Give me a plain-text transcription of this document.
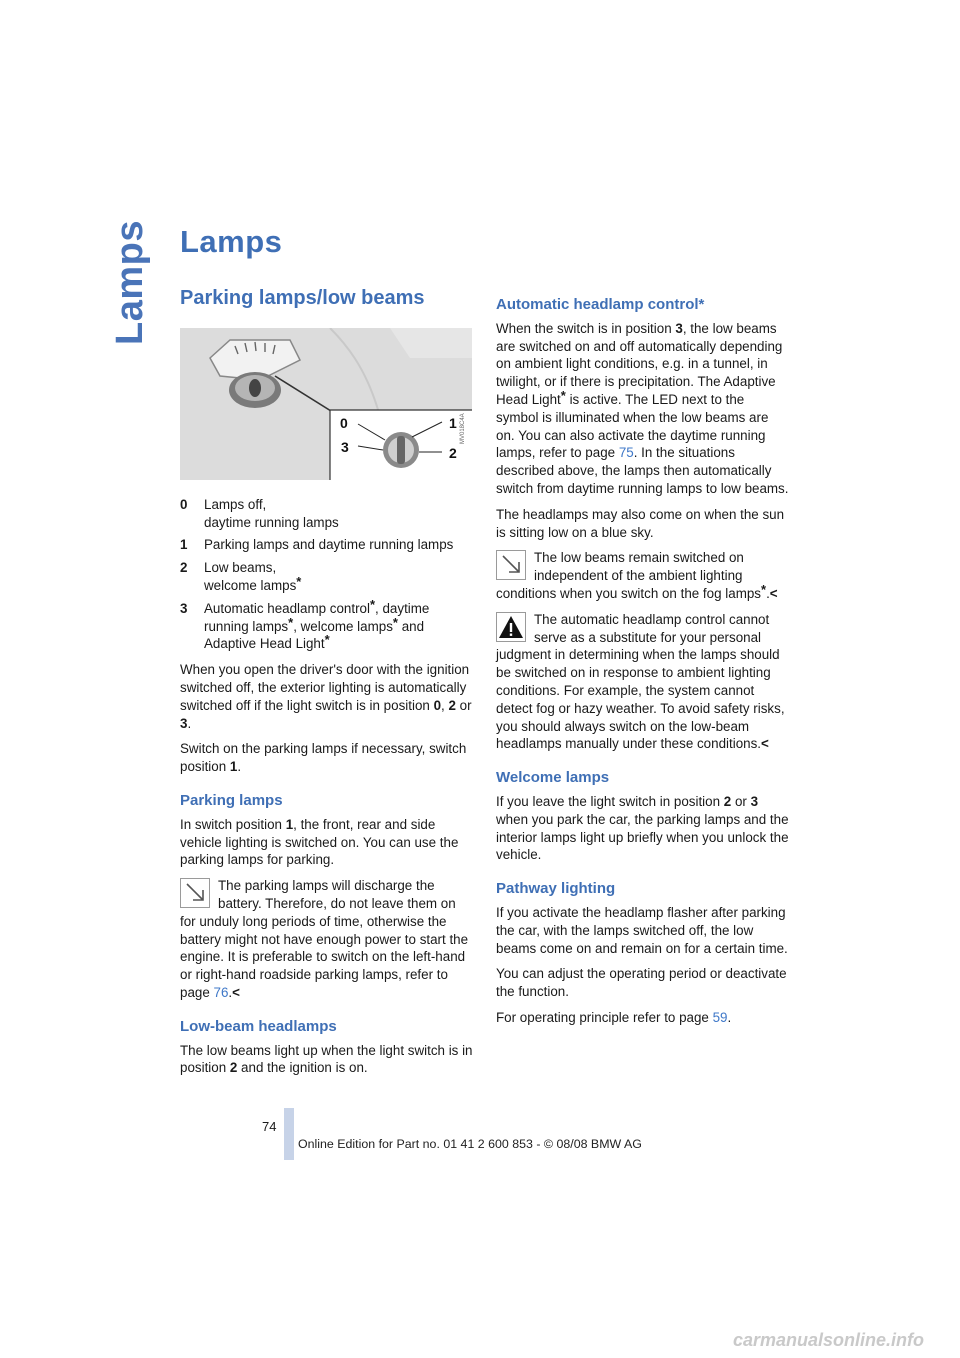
Lamps Lamps
Parking lamps/low beams
0	1
3	2
MV018C4A
0	Lamps off,
daytime running lamps
1	Parking lamps and daytime running lamps
2	Low beams,
welcome lamps*
3	Automatic headlamp control*, daytime running lamps*, welcome lamps* and Adaptive Head Light*

When you open the driver's door with the ignition switched off, the exterior lighting is automatically switched off if the light switch is in position 0, 2 or 3.

Switch on the parking lamps if necessary, switch position 1.

Parking lamps

In switch position 1, the front, rear and side vehicle lighting is switched on. You can use the parking lamps for parking.

The parking lamps will discharge the battery. Therefore, do not leave them on for unduly long periods of time, otherwise the battery might not have enough power to start the engine. It is preferable to switch on the left-hand or right-hand roadside parking lamps, refer to page 76.<
Low-beam headlamps

The low beams light up when the light switch is in position 2 and the ignition is on.

Automatic headlamp control*

When the switch is in position 3, the low beams are switched on and off automatically depending on ambient light conditions, e.g. in a tunnel, in twilight, or if there is precipitation. The Adaptive Head Light* is active. The LED next to the symbol is illuminated when the low beams are on. You can also activate the daytime running lamps, refer to page 75. In the situations described above, the lamps then automatically switch from daytime running lamps to low beams.

The headlamps may also come on when the sun is sitting low on a blue sky.

The low beams remain switched on independent of the ambient lighting conditions when you switch on the fog lamps*.<
The automatic headlamp control cannot serve as a substitute for your personal judgment in determining when the lamps should be switched on in response to ambient lighting conditions. For example, the system cannot detect fog or hazy weather. To avoid safety risks, you should always switch on the low-beam headlamps manually under these conditions.<
Welcome lamps

If you leave the light switch in position 2 or 3 when you park the car, the parking lamps and the interior lamps light up briefly when you unlock the vehicle.

Pathway lighting

If you activate the headlamp flasher after parking the car, with the lamps switched off, the low beams come on and remain on for a certain time.

You can adjust the operating period or deactivate the function.

For operating principle refer to page 59.

74
Online Edition for Part no. 01 41 2 600 853 - © 08/08 BMW AG
carmanualsonline.info
